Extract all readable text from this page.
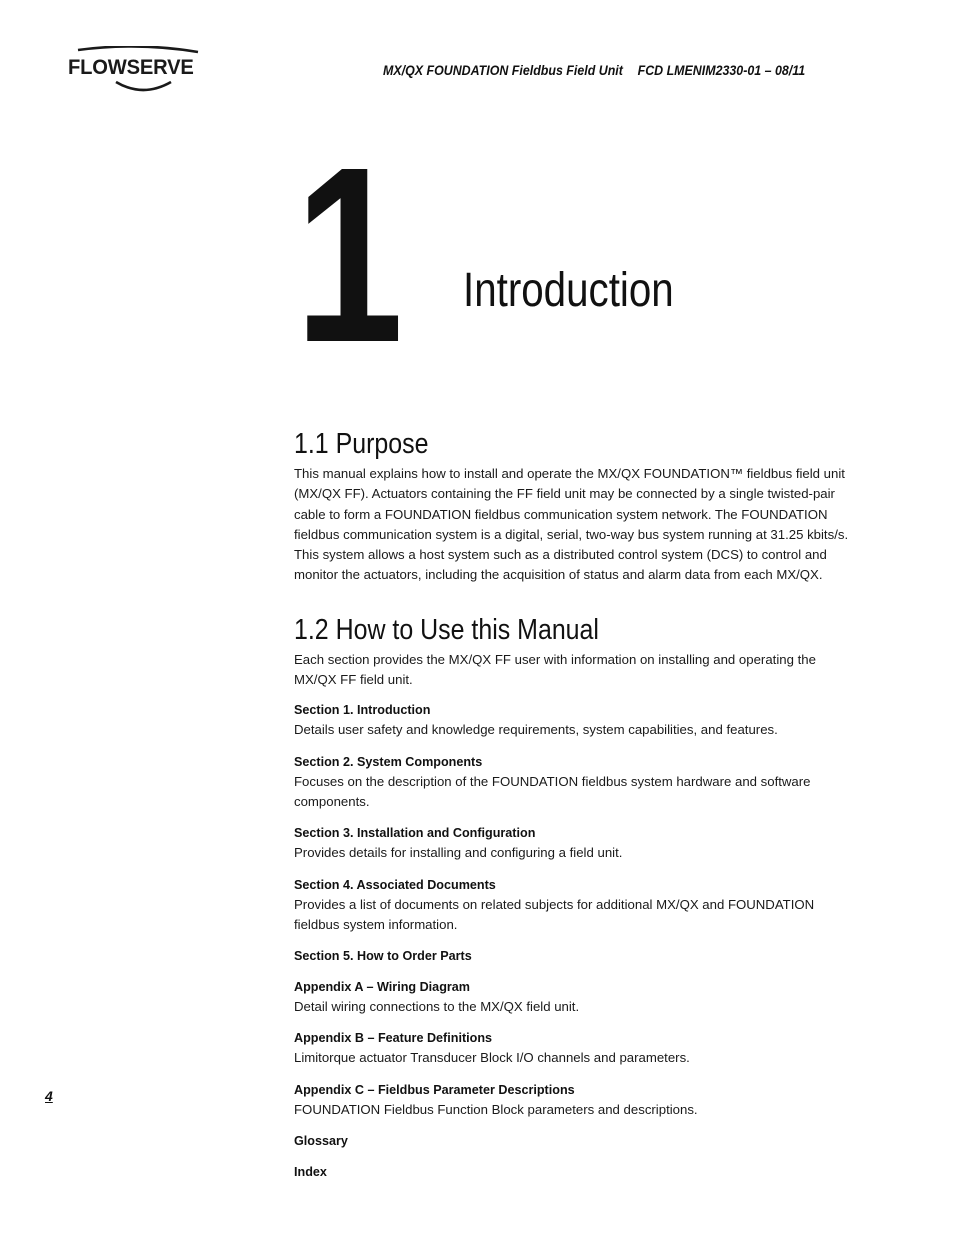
FLOWSERVE	MX/QX FOUNDATION Fieldbus Field Unit FCD LMENIM2330-01 – 08/11
1 Introduction
1.1 Purpose

This manual explains how to install and operate the MX/QX FOUNDATION™ fieldbus field unit (MX/QX FF). Actuators containing the FF field unit may be connected by a single twisted-pair cable to form a FOUNDATION fieldbus communication system network. The FOUNDATION fieldbus communication system is a digital, serial, two-way bus system running at 31.25 kbits/s. This system allows a host system such as a distributed control system (DCS) to control and monitor the actuators, including the acquisition of status and alarm data from each MX/QX.

1.2 How to Use this Manual

Each section provides the MX/QX FF user with information on installing and operating the MX/QX FF field unit.

Section 1. Introduction
Details user safety and knowledge requirements, system capabilities, and features.
Section 2. System Components
Focuses on the description of the FOUNDATION fieldbus system hardware and software components.
Section 3. Installation and Configuration
Provides details for installing and configuring a field unit.
Section 4. Associated Documents
Provides a list of documents on related subjects for additional MX/QX and FOUNDATION fieldbus system information.
Section 5. How to Order Parts
Appendix A – Wiring Diagram
Detail wiring connections to the MX/QX field unit.
Appendix B – Feature Definitions
Limitorque actuator Transducer Block I/O channels and parameters.
Appendix C – Fieldbus Parameter Descriptions
FOUNDATION Fieldbus Function Block parameters and descriptions.
Glossary
Index
4
